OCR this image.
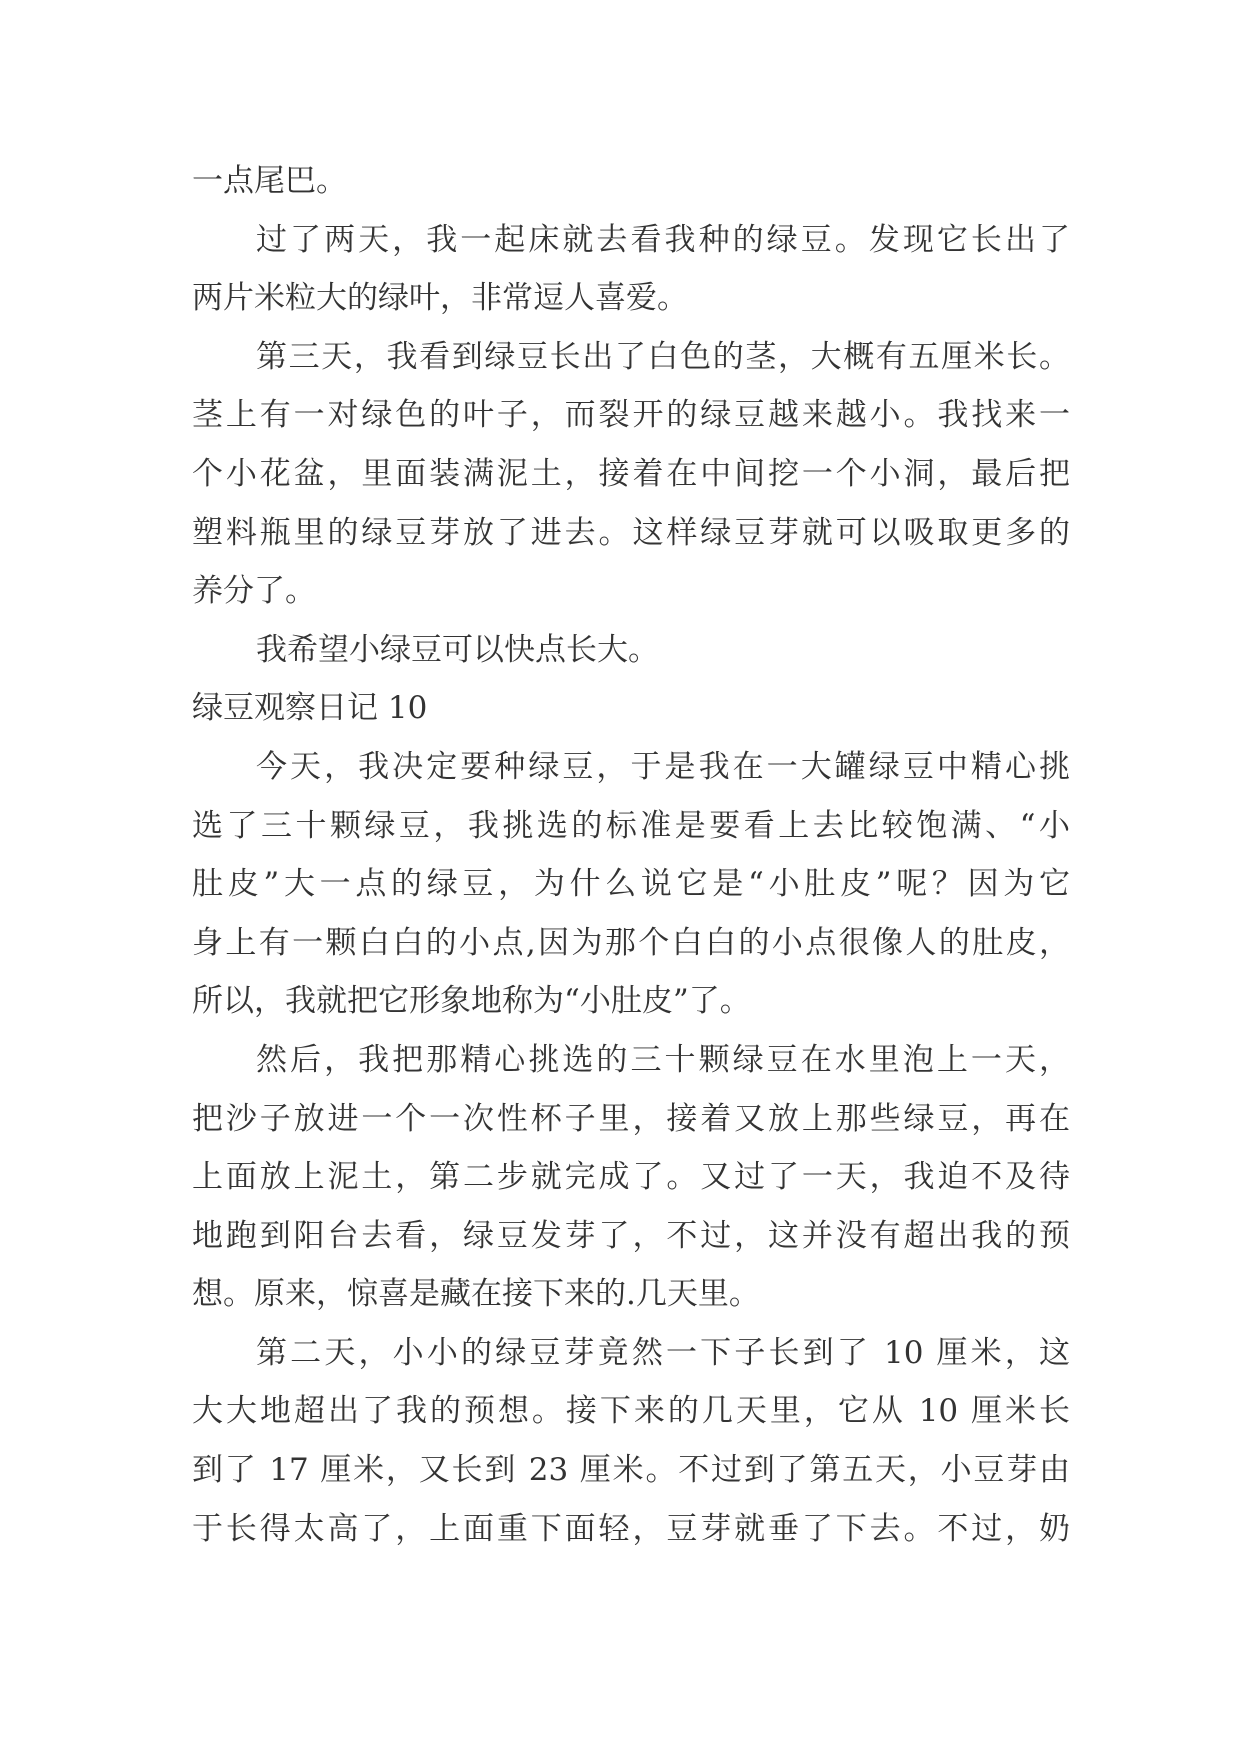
一点尾巴。
过了两天，我一起床就去看我种的绿豆。发现它长出了
两片米粒大的绿叶，非常逗人喜爱。
第三天，我看到绿豆长出了白色的茎，大概有五厘米长。
茎上有一对绿色的叶子，而裂开的绿豆越来越小。我找来一
个小花盆，里面装满泥土，接着在中间挖一个小洞，最后把
塑料瓶里的绿豆芽放了进去。这样绿豆芽就可以吸取更多的
养分了。
我希望小绿豆可以快点长大。
绿豆观察日记 10
今天，我决定要种绿豆，于是我在一大罐绿豆中精心挑
选了三十颗绿豆，我挑选的标准是要看上去比较饱满、“小
肚皮”大一点的绿豆，为什么说它是“小肚皮”呢？因为它
身上有一颗白白的小点,因为那个白白的小点很像人的肚皮，
所以，我就把它形象地称为“小肚皮”了。
然后，我把那精心挑选的三十颗绿豆在水里泡上一天，
把沙子放进一个一次性杯子里，接着又放上那些绿豆，再在
上面放上泥土，第二步就完成了。又过了一天，我迫不及待
地跑到阳台去看，绿豆发芽了，不过，这并没有超出我的预
想。原来，惊喜是藏在接下来的.几天里。
第二天，小小的绿豆芽竟然一下子长到了 10 厘米，这
大大地超出了我的预想。接下来的几天里，它从 10 厘米长
到了 17 厘米，又长到 23 厘米。不过到了第五天，小豆芽由
于长得太高了，上面重下面轻，豆芽就垂了下去。不过，奶
